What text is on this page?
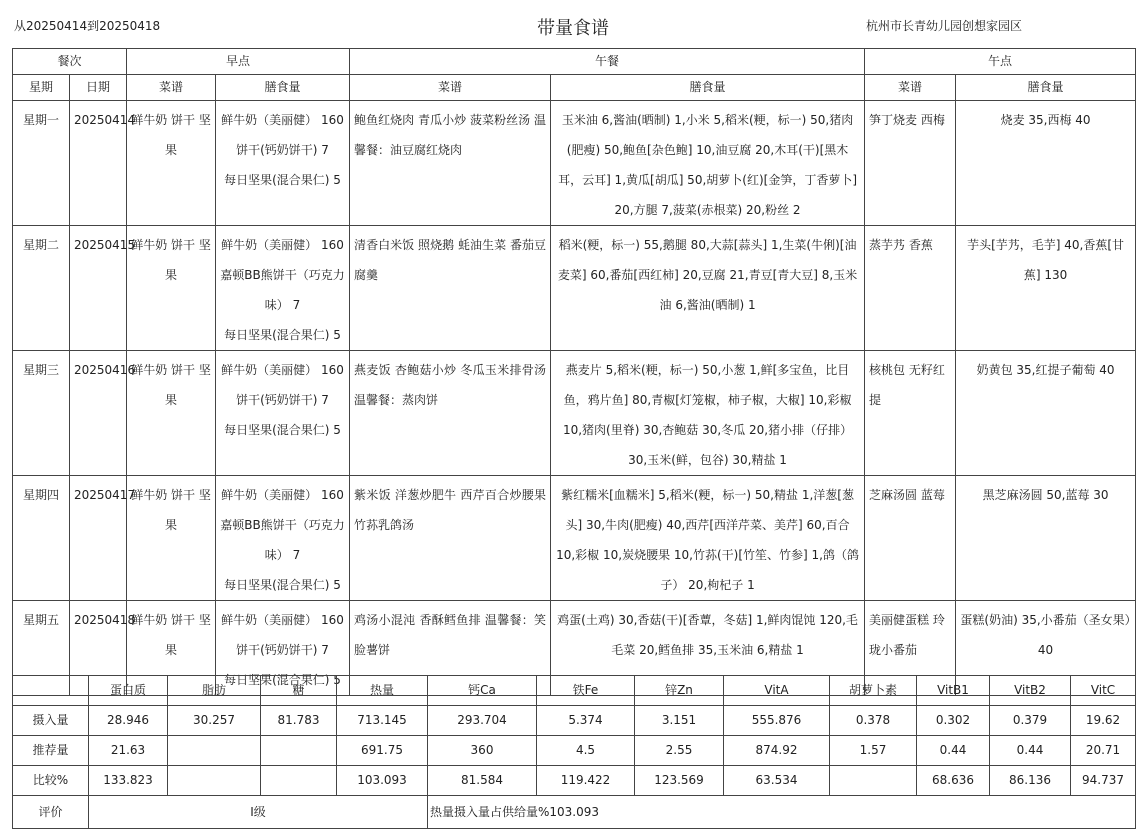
从20250414到20250418	带量食谱	杭州市长青幼儿园创想家园区
餐次		早点		午餐		午点	
星期	日期	菜谱	膳食量	菜谱	膳食量	菜谱	膳食量
星期一	20250414	鲜牛奶 饼干 坚果	鲜牛奶（美丽健） 160
饼干(钙奶饼干) 7
每日坚果(混合果仁) 5	鲍鱼红烧肉 青瓜小炒 菠菜粉丝汤 温馨餐：油豆腐红烧肉	玉米油 6,酱油(晒制) 1,小米 5,稻米(粳，标一) 50,猪肉(肥瘦) 50,鲍鱼[杂色鲍] 10,油豆腐 20,木耳(干)[黑木耳，云耳] 1,黄瓜[胡瓜] 50,胡萝卜(红)[金笋，丁香萝卜] 20,方腿 7,菠菜(赤根菜) 20,粉丝 2	笋丁烧麦 西梅	烧麦 35,西梅 40
星期二	20250415	鲜牛奶 饼干 坚果	鲜牛奶（美丽健） 160
嘉顿BB熊饼干（巧克力味） 7
每日坚果(混合果仁) 5	清香白米饭 照烧鹅 蚝油生菜 番茄豆腐羹	稻米(粳，标一) 55,鹅腿 80,大蒜[蒜头] 1,生菜(牛俐)[油麦菜] 60,番茄[西红柿] 20,豆腐 21,青豆[青大豆] 8,玉米油 6,酱油(晒制) 1	蒸芋艿 香蕉	芋头[芋艿，毛芋] 40,香蕉[甘蕉] 130
星期三	20250416	鲜牛奶 饼干 坚果	鲜牛奶（美丽健） 160
饼干(钙奶饼干) 7
每日坚果(混合果仁) 5	燕麦饭 杏鲍菇小炒 冬瓜玉米排骨汤 温馨餐：蒸肉饼	燕麦片 5,稻米(粳，标一) 50,小葱 1,鲜[多宝鱼，比目鱼，鸦片鱼] 80,青椒[灯笼椒，柿子椒，大椒] 10,彩椒 10,猪肉(里脊) 30,杏鲍菇 30,冬瓜 20,猪小排（仔排） 30,玉米(鲜，包谷) 30,精盐 1	核桃包 无籽红提	奶黄包 35,红提子葡萄 40
星期四	20250417	鲜牛奶 饼干 坚果	鲜牛奶（美丽健） 160
嘉顿BB熊饼干（巧克力味） 7
每日坚果(混合果仁) 5	紫米饭 洋葱炒肥牛 西芹百合炒腰果 竹荪乳鸽汤	紫红糯米[血糯米] 5,稻米(粳，标一) 50,精盐 1,洋葱[葱头] 30,牛肉(肥瘦) 40,西芹[西洋芹菜、美芹] 60,百合 10,彩椒 10,炭烧腰果 10,竹荪(干)[竹笙、竹参] 1,鸽（鸽子） 20,枸杞子 1	芝麻汤圆 蓝莓	黑芝麻汤圆 50,蓝莓 30
星期五	20250418	鲜牛奶 饼干 坚果	鲜牛奶（美丽健） 160
饼干(钙奶饼干) 7
每日坚果(混合果仁) 5	鸡汤小混沌 香酥鳕鱼排 温馨餐：笑脸薯饼	鸡蛋(土鸡) 30,香菇(干)[香蕈，冬菇] 1,鲜肉馄饨 120,毛毛菜 20,鳕鱼排 35,玉米油 6,精盐 1	美丽健蛋糕 玲珑小番茄	蛋糕(奶油) 35,小番茄（圣女果）40
	蛋白质	脂肪	糖	热量	钙Ca	铁Fe	锌Zn	VitA	胡萝卜素	VitB1	VitB2	VitC
摄入量	28.946	30.257	81.783	713.145	293.704	5.374	3.151	555.876	0.378	0.302	0.379	19.62
推荐量	21.63			691.75	360	4.5	2.55	874.92	1.57	0.44	0.44	20.71
比较%	133.823			103.093	81.584	119.422	123.569	63.534		68.636	86.136	94.737
评价	I级				热量摄入量占供给量%103.093							
